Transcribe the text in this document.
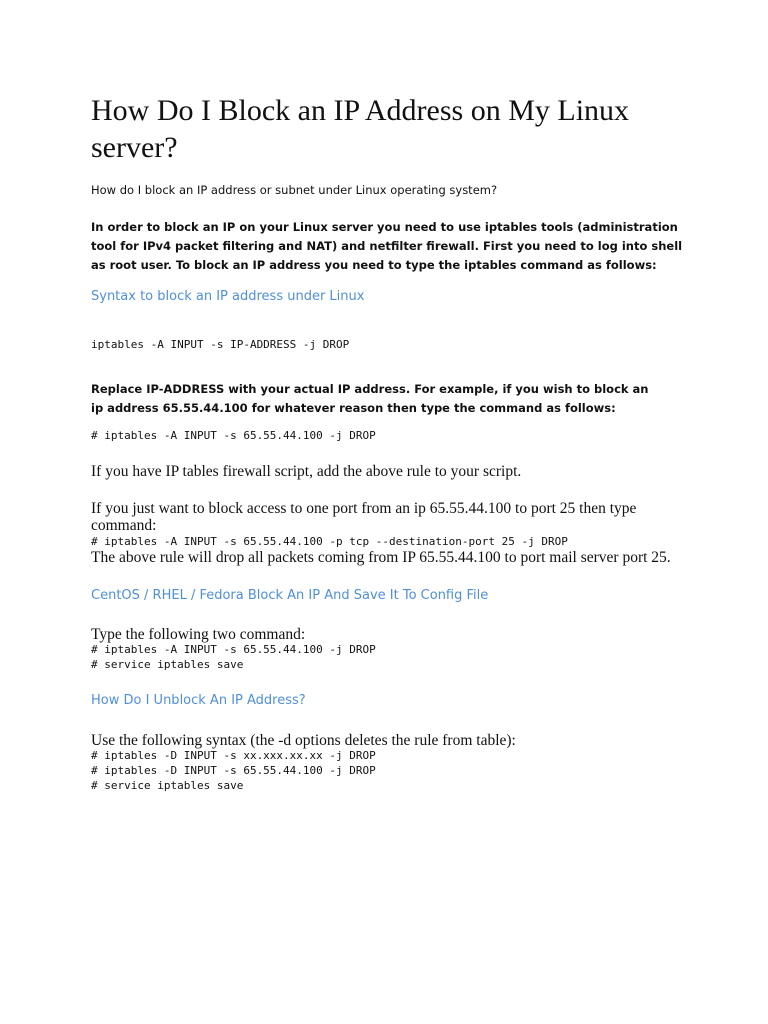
How Do I Block an IP Address on My Linux server?

How do I block an IP address or subnet under Linux operating system?

In order to block an IP on your Linux server you need to use iptables tools (administration tool for IPv4 packet filtering and NAT) and netfilter firewall. First you need to log into shell as root user. To block an IP address you need to type the iptables command as follows:

Syntax to block an IP address under Linux

iptables -A INPUT -s IP-ADDRESS -j DROP

Replace IP-ADDRESS with your actual IP address. For example, if you wish to block an ip address 65.55.44.100 for whatever reason then type the command as follows:

# iptables -A INPUT -s 65.55.44.100 -j DROP

If you have IP tables firewall script, add the above rule to your script.

If you just want to block access to one port from an ip 65.55.44.100 to port 25 then type command:

# iptables -A INPUT -s 65.55.44.100 -p tcp --destination-port 25 -j DROP

The above rule will drop all packets coming from IP 65.55.44.100 to port mail server port 25.

CentOS / RHEL / Fedora Block An IP And Save It To Config File

Type the following two command:

# iptables -A INPUT -s 65.55.44.100 -j DROP

# service iptables save

How Do I Unblock An IP Address?

Use the following syntax (the -d options deletes the rule from table):

# iptables -D INPUT -s xx.xxx.xx.xx -j DROP

# iptables -D INPUT -s 65.55.44.100 -j DROP

# service iptables save
